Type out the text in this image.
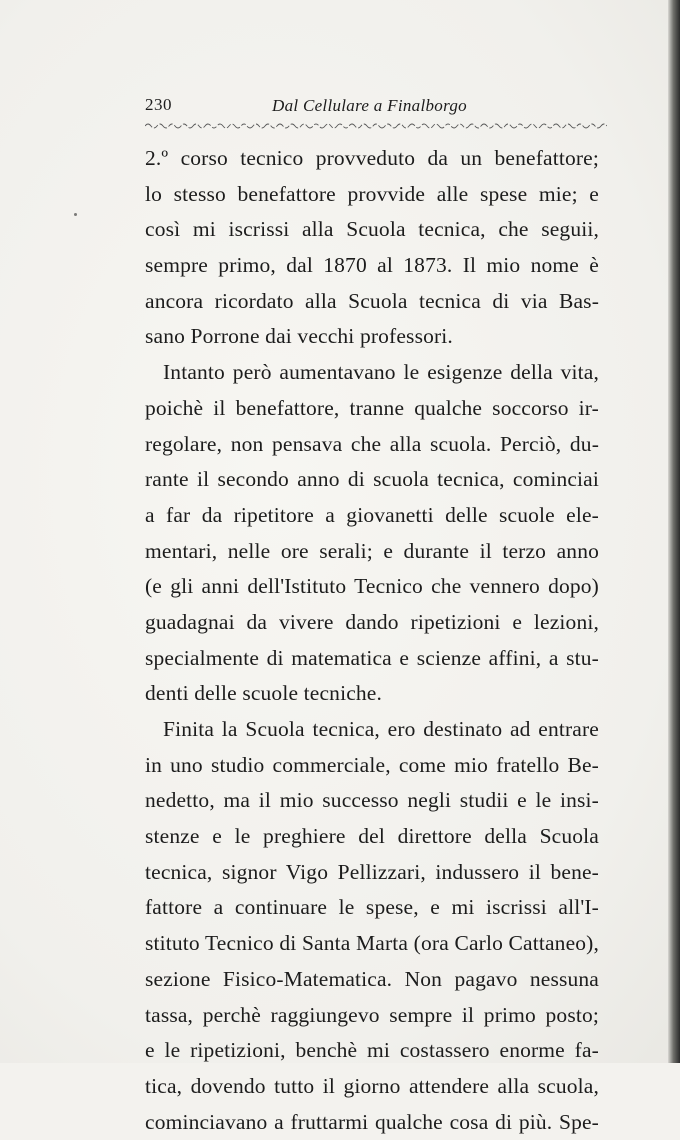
230	Dal Cellulare a Finalborgo
2.º corso tecnico provveduto da un benefattore;
lo stesso benefattore provvide alle spese mie; e
così mi iscrissi alla Scuola tecnica, che seguii,
sempre primo, dal 1870 al 1873. Il mio nome è
ancora ricordato alla Scuola tecnica di via Bas-
sano Porrone dai vecchi professori.
Intanto però aumentavano le esigenze della vita,
poichè il benefattore, tranne qualche soccorso ir-
regolare, non pensava che alla scuola. Perciò, du-
rante il secondo anno di scuola tecnica, cominciai
a far da ripetitore a giovanetti delle scuole ele-
mentari, nelle ore serali; e durante il terzo anno
(e gli anni dell'Istituto Tecnico che vennero dopo)
guadagnai da vivere dando ripetizioni e lezioni,
specialmente di matematica e scienze affini, a stu-
denti delle scuole tecniche.
Finita la Scuola tecnica, ero destinato ad entrare
in uno studio commerciale, come mio fratello Be-
nedetto, ma il mio successo negli studii e le insi-
stenze e le preghiere del direttore della Scuola
tecnica, signor Vigo Pellizzari, indussero il bene-
fattore a continuare le spese, e mi iscrissi all'I-
stituto Tecnico di Santa Marta (ora Carlo Cattaneo),
sezione Fisico-Matematica. Non pagavo nessuna
tassa, perchè raggiungevo sempre il primo posto;
e le ripetizioni, benchè mi costassero enorme fa-
tica, dovendo tutto il giorno attendere alla scuola,
cominciavano a fruttarmi qualche cosa di più. Spe-
